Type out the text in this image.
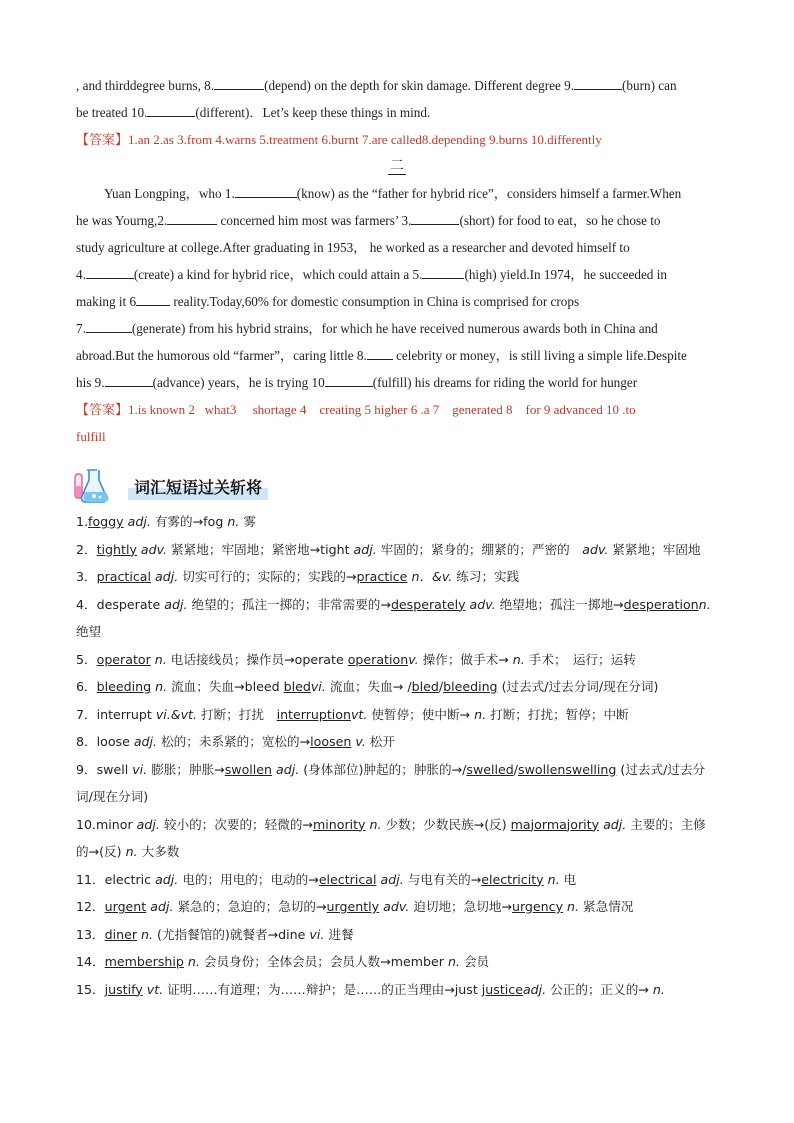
, and thirddegree burns, 8.	(depend) on the depth for skin damage. Different degree 9.	(burn) can

be treated 10.	(different)．Let’s keep these things in mind.

【答案】1.an 2.as 3.from 4.warns 5.treatment 6.burnt 7.are called8.depending 9.burns 10.differently

二

Yuan Longping，who 1.	(know) as the “father for hybrid rice”，considers himself a farmer.When

he was Yourng,2.	concerned him most was farmers’ 3.	(short) for food to eat，so he chose to

study agriculture at college.After graduating in 1953， he worked as a researcher and devoted himself to

4.	(create) a kind for hybrid rice，which could attain a 5.	(high) yield.In 1974，he succeeded in

making it 6	reality.Today,60% for domestic consumption in China is comprised for crops

7.	(generate) from his hybrid strains，for which he have received numerous awards both in China and

abroad.But the humorous old “farmer”，caring little 8. celebrity or money，is still living a simple life.Despite

his 9.	(advance) years，he is trying 10	(fulfill) his dreams for riding the world for hunger

【答案】1.is known 2   what3     shortage 4    creating 5 higher 6 .a 7    generated 8    for 9 advanced 10 .to

fulfill

词汇短语过关斩将

1.foggy adj. 有雾的→fog n. 雾

2．tightly adv. 紧紧地；牢固地；紧密地→tight adj. 牢固的；紧身的；绷紧的；严密的　adv. 紧紧地；牢固地

3．practical adj. 切实可行的；实际的；实践的→practice n．&v. 练习；实践

4．desperate adj. 绝望的；孤注一掷的；非常需要的→desperately adv. 绝望地；孤注一掷地→desperationn. 绝望

5．operator n. 电话接线员；操作员→operate operationv. 操作；做手术→ n. 手术；　运行；运转

6．bleeding n. 流血；失血→bleed bledvi. 流血；失血→ /bled/bleeding (过去式/过去分词/现在分词)

7．interrupt vi.&vt. 打断；打扰　interruptionvt. 使暂停；使中断→ n. 打断；打扰；暂停；中断

8．loose adj. 松的；未系紧的；宽松的→loosen v. 松开

9．swell vi. 膨胀；肿胀→swollen adj. (身体部位)肿起的；肿胀的→/swelled/swollenswelling (过去式/过去分词/现在分词)

10.minor adj. 较小的；次要的；轻微的→minority n. 少数；少数民族→(反) majormajority adj. 主要的；主修的→(反) n. 大多数

11．electric adj. 电的；用电的；电动的→electrical adj. 与电有关的→electricity n. 电

12．urgent adj. 紧急的；急迫的；急切的→urgently adv. 迫切地；急切地→urgency n. 紧急情况

13．diner n. (尤指餐馆的)就餐者→dine vi. 进餐

14．membership n. 会员身份；全体会员；会员人数→member n. 会员

15．justify vt. 证明……有道理；为……辩护；是……的正当理由→just justiceadj. 公正的；正义的→ n.
